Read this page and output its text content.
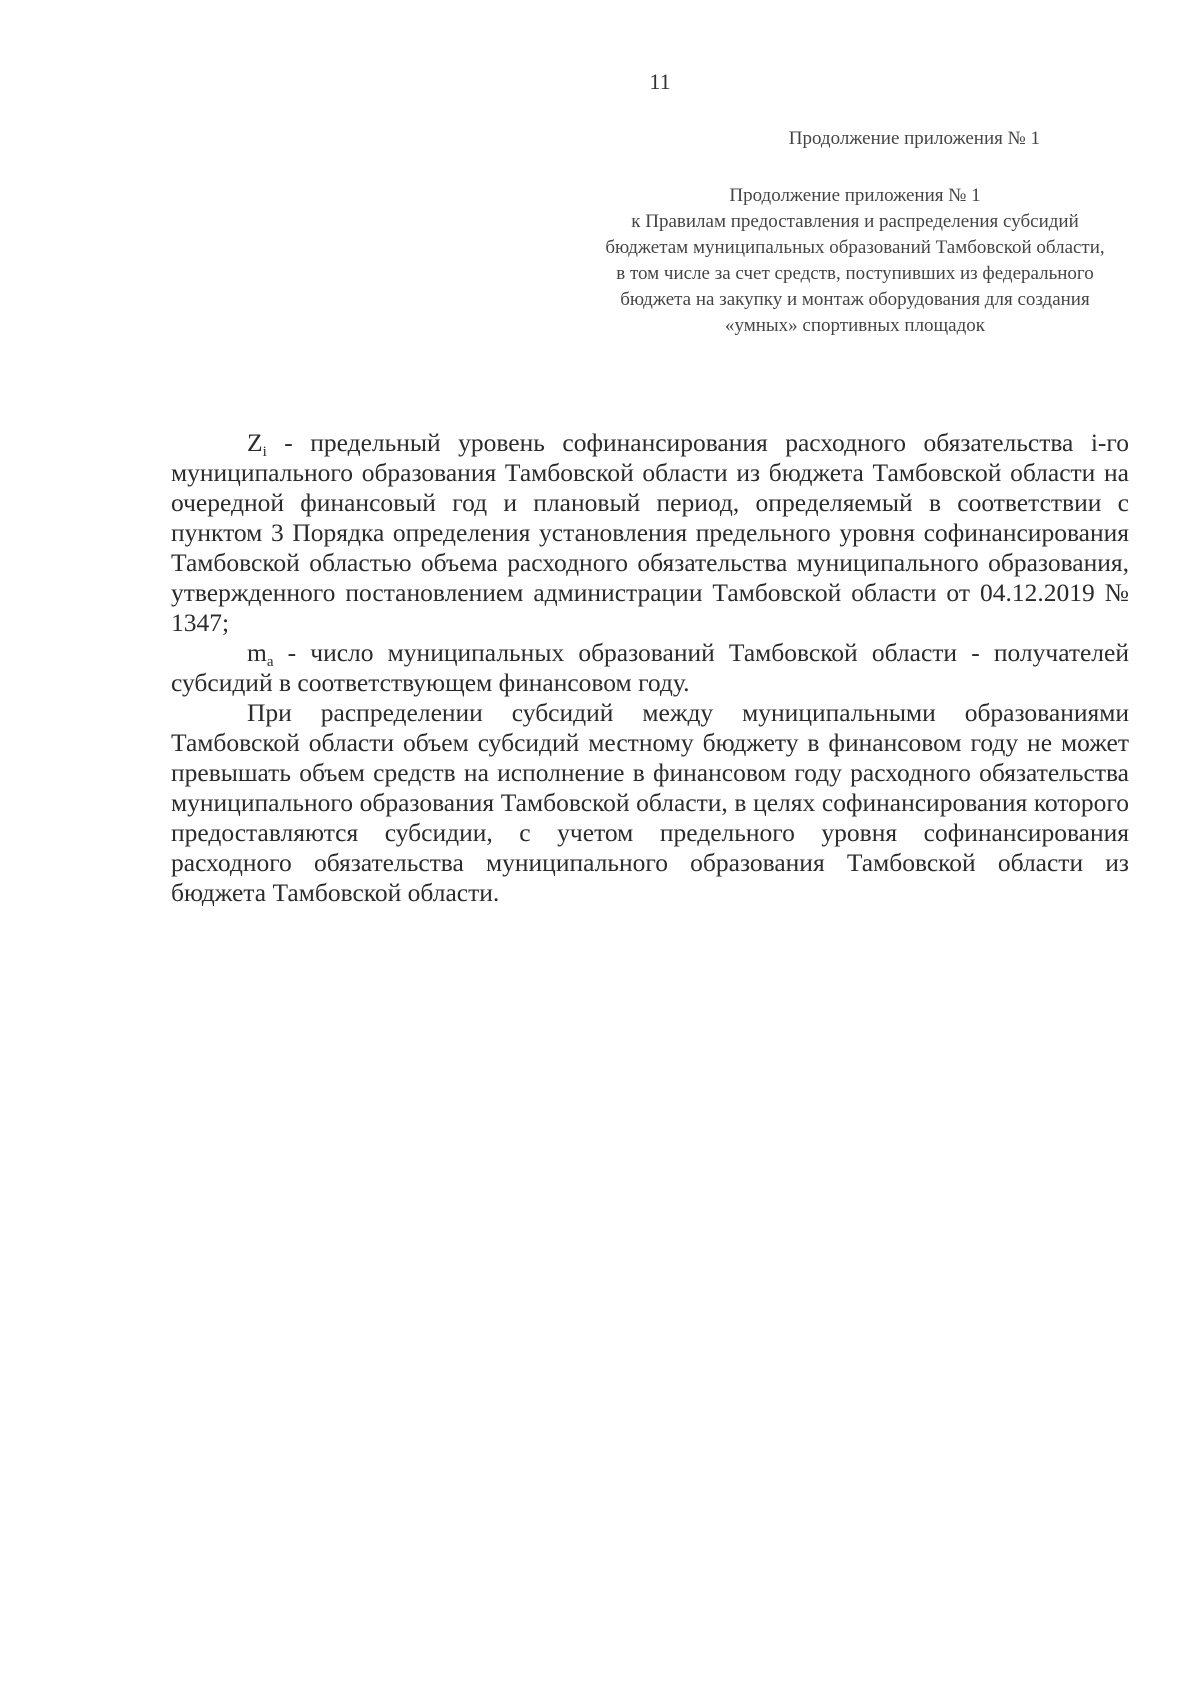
11
Продолжение приложения № 1
Продолжение приложения № 1
к Правилам предоставления и распределения субсидий
бюджетам муниципальных образований Тамбовской области,
в том числе за счет средств, поступивших из федерального
бюджета на закупку и монтаж оборудования для создания
«умных» спортивных площадок

$Z_i$ - предельный уровень софинансирования расходного обязательства i-го муниципального образования Тамбовской области из бюджета Тамбовской области на очередной финансовый год и плановый период, определяемый в соответствии с пунктом 3 Порядка определения установления предельного уровня софинансирования Тамбовской областью объема расходного обязательства муниципального образования, утвержденного постановлением администрации Тамбовской области от 04.12.2019 № 1347;

$m_a$ - число муниципальных образований Тамбовской области - получателей субсидий в соответствующем финансовом году.

При распределении субсидий между муниципальными образованиями Тамбовской области объем субсидий местному бюджету в финансовом году не может превышать объем средств на исполнение в финансовом году расходного обязательства муниципального образования Тамбовской области, в целях софинансирования которого предоставляются субсидии, с учетом предельного уровня софинансирования расходного обязательства муниципального образования Тамбовской области из бюджета Тамбовской области.
